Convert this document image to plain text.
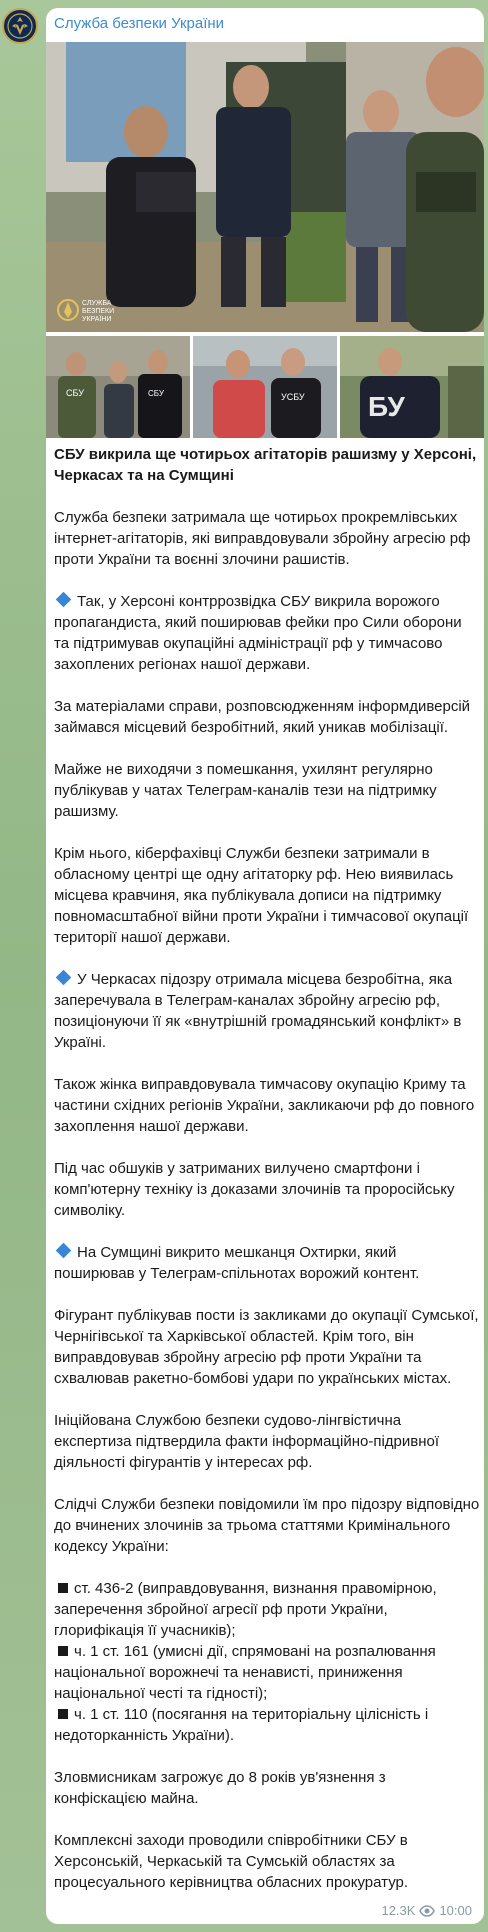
Служба безпеки України
СЛУЖБА
БЕЗПЕКИ
УКРАЇНИ
СБУ	СБУ	УСБУ БУ

СБУ викрила ще чотирьох агітаторів рашизму у Херсоні, Черкасах та на Сумщині

Служба безпеки затримала ще чотирьох прокремлівських інтернет-агітаторів, які виправдовували збройну агресію рф проти України та воєнні злочини рашистів.

Так, у Херсоні контррозвідка СБУ викрила ворожого пропагандиста, який поширював фейки про Сили оборони та підтримував окупаційні адміністрації рф у тимчасово захоплених регіонах нашої держави.

За матеріалами справи, розповсюдженням інформдиверсій займався місцевий безробітний, який уникав мобілізації.

Майже не виходячи з помешкання, ухилянт регулярно публікував у чатах Телеграм-каналів тези на підтримку рашизму.

Крім нього, кіберфахівці Служби безпеки затримали в обласному центрі ще одну агітаторку рф. Нею виявилась місцева кравчиня, яка публікувала дописи на підтримку повномасштабної війни проти України і тимчасової окупації території нашої держави.

У Черкасах підозру отримала місцева безробітна, яка заперечувала в Телеграм-каналах збройну агресію рф, позиціонуючи її як «внутрішній громадянський конфлікт» в Україні.

Також жінка виправдовувала тимчасову окупацію Криму та частини східних регіонів України, закликаючи рф до повного захоплення нашої держави.

Під час обшуків у затриманих вилучено смартфони і комп'ютерну техніку із доказами злочинів та проросійську символіку.

На Сумщині викрито мешканця Охтирки, який поширював у Телеграм-спільнотах ворожий контент.

Фігурант публікував пости із закликами до окупації Сумської, Чернігівської та Харківської областей. Крім того, він виправдовував збройну агресію рф проти України та схвалював ракетно-бомбові удари по українських містах.

Ініційована Службою безпеки судово-лінгвістична експертиза підтвердила факти інформаційно-підривної діяльності фігурантів у інтересах рф.

Слідчі Служби безпеки повідомили їм про підозру відповідно до вчинених злочинів за трьома статтями Кримінального кодексу України:

ст. 436-2 (виправдовування, визнання правомірною, заперечення збройної агресії рф проти України, глорифікація її учасників);
ч. 1 ст. 161 (умисні дії, спрямовані на розпалювання національної ворожнечі та ненависті, приниження національної честі та гідності);
ч. 1 ст. 110 (посягання на територіальну цілісність і недоторканність України).

Зловмисникам загрожує до 8 років ув'язнення з конфіскацією майна.

Комплексні заходи проводили співробітники СБУ в Херсонській, Черкаській та Сумській областях за процесуального керівництва обласних прокуратур.

12.3K 10:00
